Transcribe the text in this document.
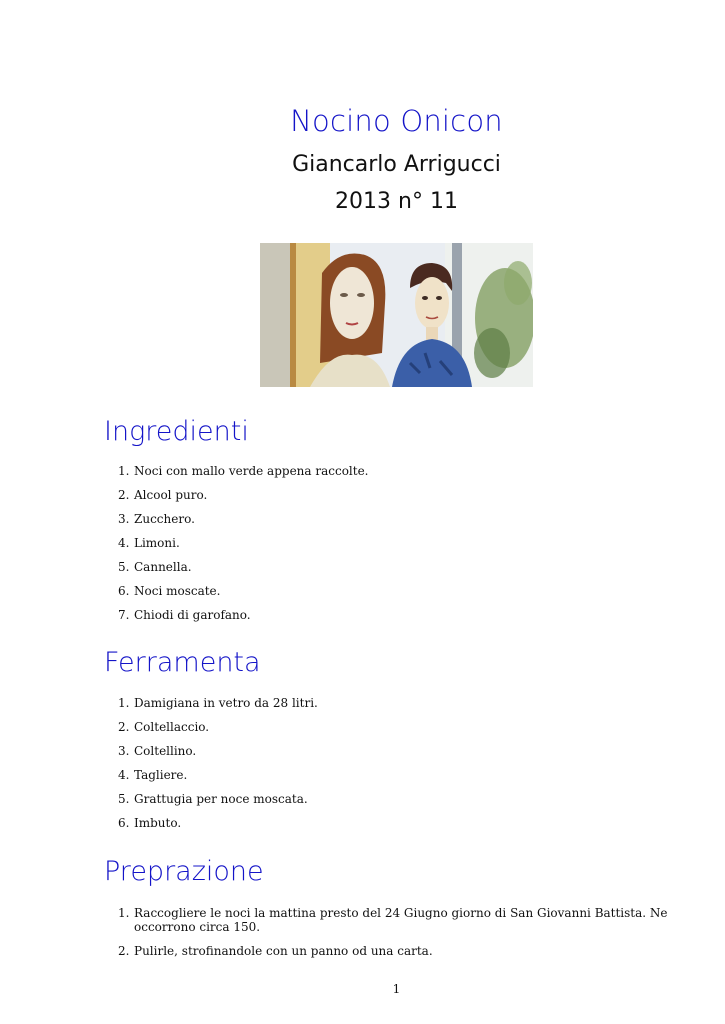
Nocino Onicon
Giancarlo Arrigucci
2013 n° 11
Ingredienti
1. Noci con mallo verde appena raccolte.
2. Alcool puro.
3. Zucchero.
4. Limoni.
5. Cannella.
6. Noci moscate.
7. Chiodi di garofano.
Ferramenta
1. Damigiana in vetro da 28 litri.
2. Coltellaccio.
3. Coltellino.
4. Tagliere.
5. Grattugia per noce moscata.
6. Imbuto.
Preprazione
1. Raccogliere le noci la mattina presto del 24 Giugno giorno di San Giovanni Battista. Ne occorrono circa 150.
2. Pulirle, strofinandole con un panno od una carta.
1
